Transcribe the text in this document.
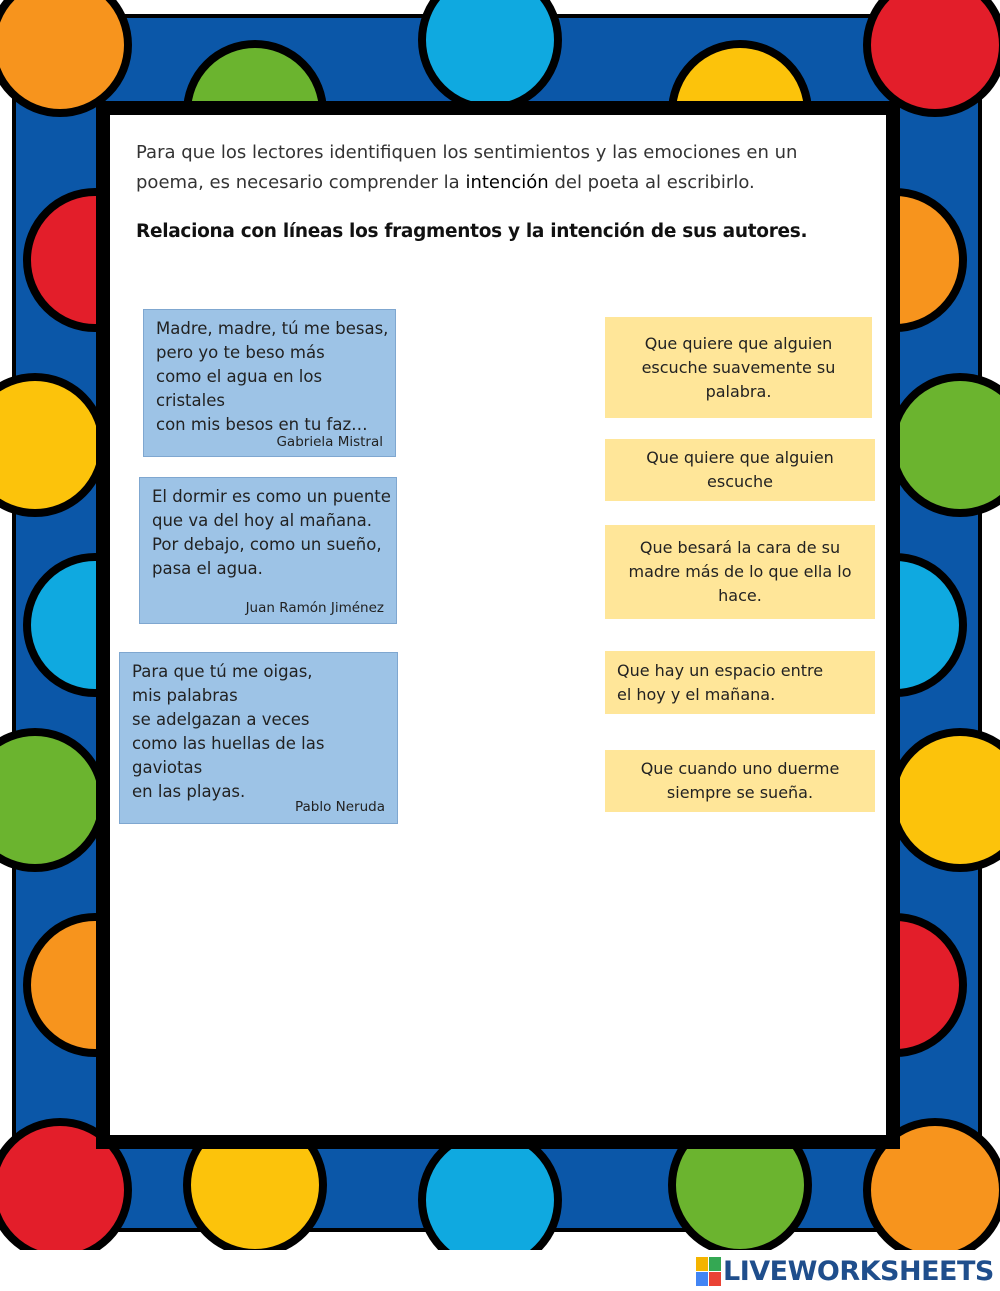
Para que los lectores identifiquen los sentimientos y las emociones en un poema, es necesario comprender la intención del poeta al escribirlo.
Relaciona con líneas los fragmentos y la intención de sus autores.
Madre, madre, tú me besas,
pero yo te beso más
como el agua en los cristales
con mis besos en tu faz…
Gabriela Mistral
El dormir es como un puente
que va del hoy al mañana.
Por debajo, como un sueño,
pasa el agua.
Juan Ramón Jiménez
Para que tú me oigas,
mis palabras
se adelgazan a veces
como las huellas de las gaviotas
en las playas.
Pablo Neruda
Que quiere que alguien
escuche suavemente su
palabra.
Que quiere que alguien
escuche
Que besará la cara de su
madre más de lo que ella lo
hace.
Que hay un espacio entre
el hoy y el mañana.
Que cuando uno duerme
siempre se sueña.
LIVEWORKSHEETS
